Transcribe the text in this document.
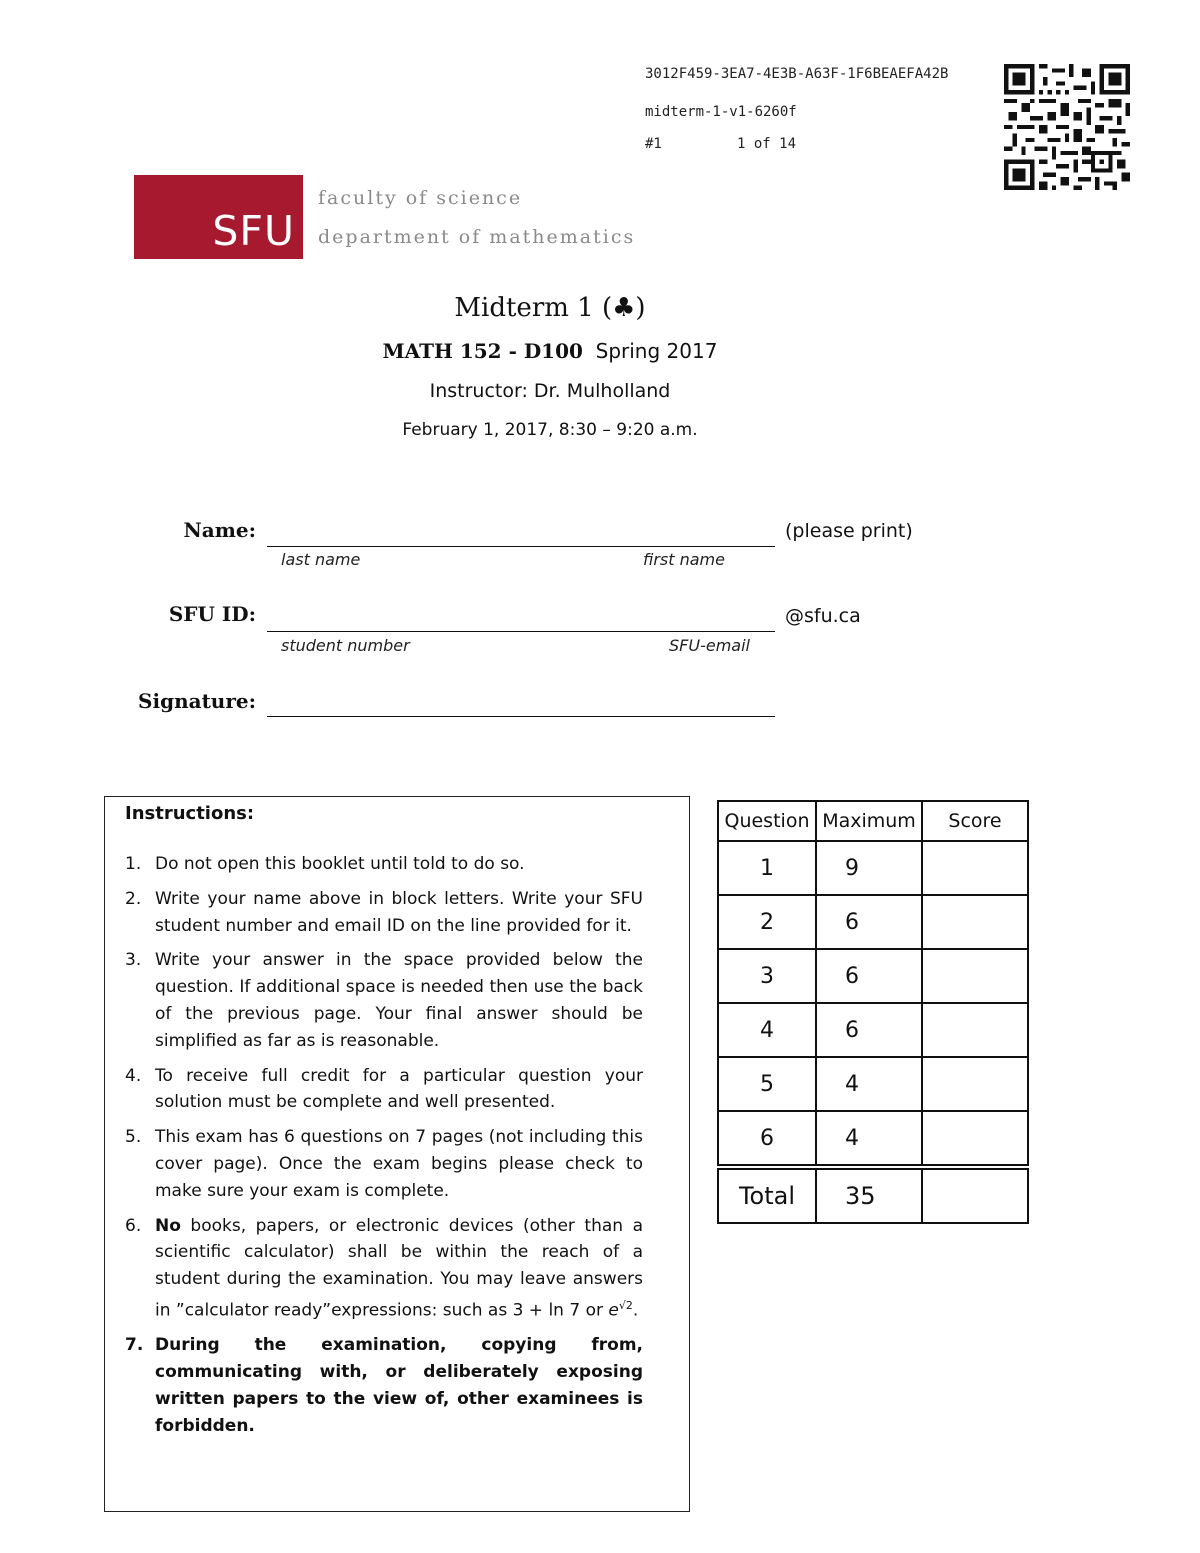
3012F459-3EA7-4E3B-A63F-1F6BEAEFA42B
midterm-1-v1-6260f
#1	1 of 14
SFU
faculty of science
department of mathematics
Midterm 1 (♣)
MATH 152 - D100 Spring 2017
Instructor: Dr. Mulholland
February 1, 2017, 8:30 – 9:20 a.m.
Name:
last name	first name
(please print)
SFU ID:
student number	SFU-email
@sfu.ca
Signature:
Instructions:
1. Do not open this booklet until told to do so.
2. Write your name above in block letters. Write your SFU student number and email ID on the line provided for it.
3. Write your answer in the space provided below the question. If additional space is needed then use the back of the previous page. Your final answer should be simplified as far as is reasonable.
4. To receive full credit for a particular question your solution must be complete and well presented.
5. This exam has 6 questions on 7 pages (not including this cover page). Once the exam begins please check to make sure your exam is complete.
6. No books, papers, or electronic devices (other than a scientific calculator) shall be within the reach of a student during the examination. You may leave answers in ”calculator ready”expressions: such as 3 + ln 7 or $e^{√2}$.
7. During the examination, copying from, communicating with, or deliberately exposing written papers to the view of, other examinees is forbidden.
Question	Maximum	Score
1	9	
2	6	
3	6	
4	6	
5	4	
6	4	
Total	35	
